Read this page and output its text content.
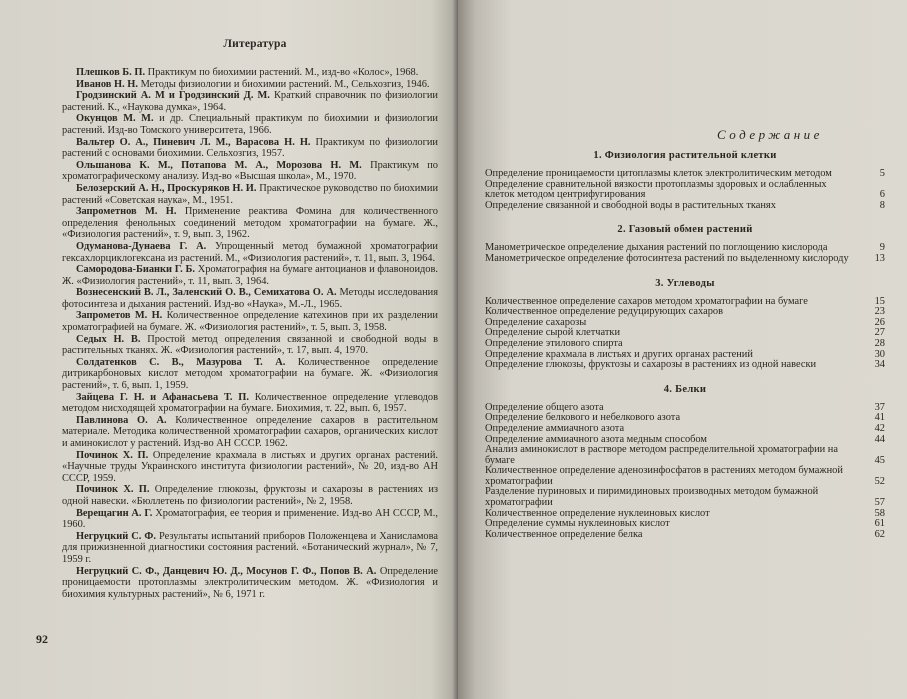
Литература

Плешков Б. П. Практикум по биохимии растений. М., изд-во «Колос», 1968.

Иванов Н. Н. Методы физиологии и биохимии растений. М., Сельхозгиз, 1946.

Гродзинский А. М и Гродзинский Д. М. Краткий справочник по физиологии растений. К., «Наукова думка», 1964.

Окунцов М. М. и др. Специальный практикум по биохимии и физиологии растений. Изд-во Томского университета, 1966.

Вальтер О. А., Пиневич Л. М., Варасова Н. Н. Практикум по физиологии растений с основами биохимии. Сельхозгиз, 1957.

Ольшанова К. М., Потапова М. А., Морозова Н. М. Практикум по хроматографическому анализу. Изд-во «Высшая школа», М., 1970.

Белозерский А. Н., Проскуряков Н. И. Практическое руководство по биохимии растений «Советская наука», М., 1951.

Запрометнов М. Н. Применение реактива Фомина для количественного определения фенольных соединений методом хроматографии на бумаге. Ж., «Физиология растений», т. 9, вып. 3, 1962.

Одуманова-Дунаева Г. А. Упрощенный метод бумажной хроматографии гексахлорциклогексана из растений. М., «Физиология растений», т. 11, вып. 3, 1964.

Самородова-Бианки Г. Б. Хроматография на бумаге антоцианов и флавоноидов. Ж. «Физиология растений», т. 11, вып. 3, 1964.

Вознесенский В. Л., Заленский О. В., Семихатова О. А. Методы исследования фотосинтеза и дыхания растений. Изд-во «Наука», М.-Л., 1965.

Запрометов М. Н. Количественное определение катехинов при их разделении хроматографией на бумаге. Ж. «Физиология растений», т. 5, вып. 3, 1958.

Седых Н. В. Простой метод определения связанной и свободной воды в растительных тканях. Ж. «Физиология растений», т. 17, вып. 4, 1970.

Солдатенков С. В., Мазурова Т. А. Количественное определение дитрикарбоновых кислот методом хроматографии на бумаге. Ж. «Физиология растений», т. 6, вып. 1, 1959.

Зайцева Г. Н. и Афанасьева Т. П. Количественное определение углеводов методом нисходящей хроматографии на бумаге. Биохимия, т. 22, вып. 6, 1957.

Павлинова О. А. Количественное определение сахаров в растительном материале. Методика количественной хроматографии сахаров, органических кислот и аминокислот у растений. Изд-во АН СССР. 1962.

Починок Х. П. Определение крахмала в листьях и других органах растений. «Научные труды Украинского института физиологии растений», № 20, изд-во АН СССР, 1959.

Починок Х. П. Определение глюкозы, фруктозы и сахарозы в растениях из одной навески. «Бюллетень по физиологии растений», № 2, 1958.

Верещагин А. Г. Хроматография, ее теория и применение. Изд-во АН СССР, М., 1960.

Негруцкий С. Ф. Результаты испытаний приборов Положенцева и Ханисламова для прижизненной диагностики состояния растений. «Ботанический журнал», № 7, 1959 г.

Негруцкий С. Ф., Данцевич Ю. Д., Мосунов Г. Ф., Попов В. А. Определение проницаемости протоплазмы электролитическим методом. Ж. «Физиология и биохимия культурных растений», № 6, 1971 г.

92
Содержание
1. Физиология растительной клетки
Определение проницаемости цитоплазмы клеток электролитическим методом	5
Определение сравнительной вязкости протоплазмы здоровых и ослабленных клеток методом центрифугирования	6
Определение связанной и свободной воды в растительных тканях	8
2. Газовый обмен растений
Манометрическое определение дыхания растений по поглощению кислорода	9
Манометрическое определение фотосинтеза растений по выделенному кислороду	13
3. Углеводы
Количественное определение сахаров методом хроматографии на бумаге	15
Количественное определение редуцирующих сахаров	23
Определение сахарозы	26
Определение сырой клетчатки	27
Определение этилового спирта	28
Определение крахмала в листьях и других органах растений	30
Определение глюкозы, фруктозы и сахарозы в растениях из одной навески	34
4. Белки
Определение общего азота	37
Определение белкового и небелкового азота	41
Определение аммиачного азота	42
Определение аммиачного азота медным способом	44
Анализ аминокислот в растворе методом распределительной хроматографии на бумаге	45
Количественное определение аденозинфосфатов в растениях методом бумажной хроматографии	52
Разделение пуриновых и пиримидиновых производных методом бумажной хроматографии	57
Количественное определение нуклеиновых кислот	58
Определение суммы нуклеиновых кислот	61
Количественное определение белка	62
